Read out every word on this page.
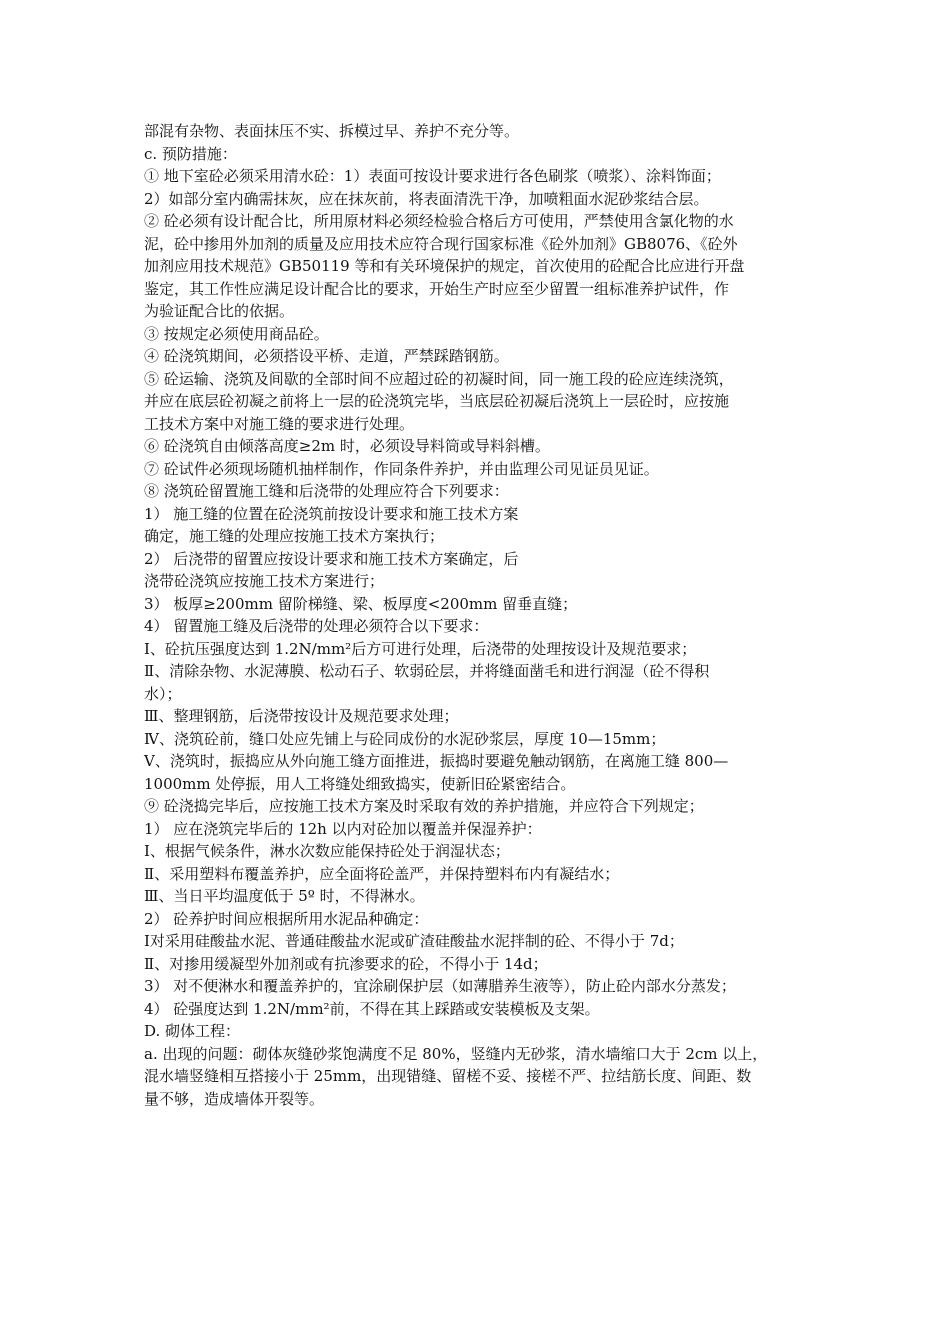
部混有杂物、表面抹压不实、拆模过早、养护不充分等。
c. 预防措施：
① 地下室砼必须采用清水砼：1）表面可按设计要求进行各色刷浆（喷浆）、涂料饰面；
2）如部分室内确需抹灰，应在抹灰前，将表面清洗干净，加喷粗面水泥砂浆结合层。
② 砼必须有设计配合比，所用原材料必须经检验合格后方可使用，严禁使用含氯化物的水
泥，砼中掺用外加剂的质量及应用技术应符合现行国家标准《砼外加剂》GB8076、《砼外
加剂应用技术规范》GB50119 等和有关环境保护的规定，首次使用的砼配合比应进行开盘
鉴定，其工作性应满足设计配合比的要求，开始生产时应至少留置一组标准养护试件，作
为验证配合比的依据。
③ 按规定必须使用商品砼。
④ 砼浇筑期间，必须搭设平桥、走道，严禁踩踏钢筋。
⑤ 砼运输、浇筑及间歇的全部时间不应超过砼的初凝时间，同一施工段的砼应连续浇筑，
并应在底层砼初凝之前将上一层的砼浇筑完毕，当底层砼初凝后浇筑上一层砼时，应按施
工技术方案中对施工缝的要求进行处理。
⑥ 砼浇筑自由倾落高度≥2m 时，必须设导料筒或导料斜槽。
⑦ 砼试件必须现场随机抽样制作，作同条件养护，并由监理公司见证员见证。
⑧ 浇筑砼留置施工缝和后浇带的处理应符合下列要求：
1） 施工缝的位置在砼浇筑前按设计要求和施工技术方案
确定，施工缝的处理应按施工技术方案执行；
2） 后浇带的留置应按设计要求和施工技术方案确定，后
浇带砼浇筑应按施工技术方案进行；
3） 板厚≥200mm 留阶梯缝、梁、板厚度<200mm 留垂直缝；
4） 留置施工缝及后浇带的处理必须符合以下要求：
Ⅰ、砼抗压强度达到 1.2N/mm²后方可进行处理，后浇带的处理按设计及规范要求；
Ⅱ、清除杂物、水泥薄膜、松动石子、软弱砼层，并将缝面凿毛和进行润湿（砼不得积
水）；
Ⅲ、整理钢筋，后浇带按设计及规范要求处理；
Ⅳ、浇筑砼前，缝口处应先铺上与砼同成份的水泥砂浆层，厚度 10—15mm；
Ⅴ、浇筑时，振捣应从外向施工缝方面推进，振捣时要避免触动钢筋，在离施工缝 800—
1000mm 处停振，用人工将缝处细致捣实，使新旧砼紧密结合。
⑨ 砼浇捣完毕后，应按施工技术方案及时采取有效的养护措施，并应符合下列规定；
1） 应在浇筑完毕后的 12h 以内对砼加以覆盖并保湿养护：
Ⅰ、根据气候条件，淋水次数应能保持砼处于润湿状态；
Ⅱ、采用塑料布覆盖养护，应全面将砼盖严，并保持塑料布内有凝结水；
Ⅲ、当日平均温度低于 5º 时，不得淋水。
2） 砼养护时间应根据所用水泥品种确定：
Ⅰ对采用硅酸盐水泥、普通硅酸盐水泥或矿渣硅酸盐水泥拌制的砼、不得小于 7d；
Ⅱ、对掺用缓凝型外加剂或有抗渗要求的砼，不得小于 14d；
3） 对不便淋水和覆盖养护的，宜涂刷保护层（如薄腊养生液等），防止砼内部水分蒸发；
4） 砼强度达到 1.2N/mm²前，不得在其上踩踏或安装模板及支架。
D. 砌体工程：
a. 出现的问题：砌体灰缝砂浆饱满度不足 80%，竖缝内无砂浆，清水墙缩口大于 2cm 以上，
混水墙竖缝相互搭接小于 25mm，出现错缝、留槎不妥、接槎不严、拉结筋长度、间距、数
量不够，造成墙体开裂等。
